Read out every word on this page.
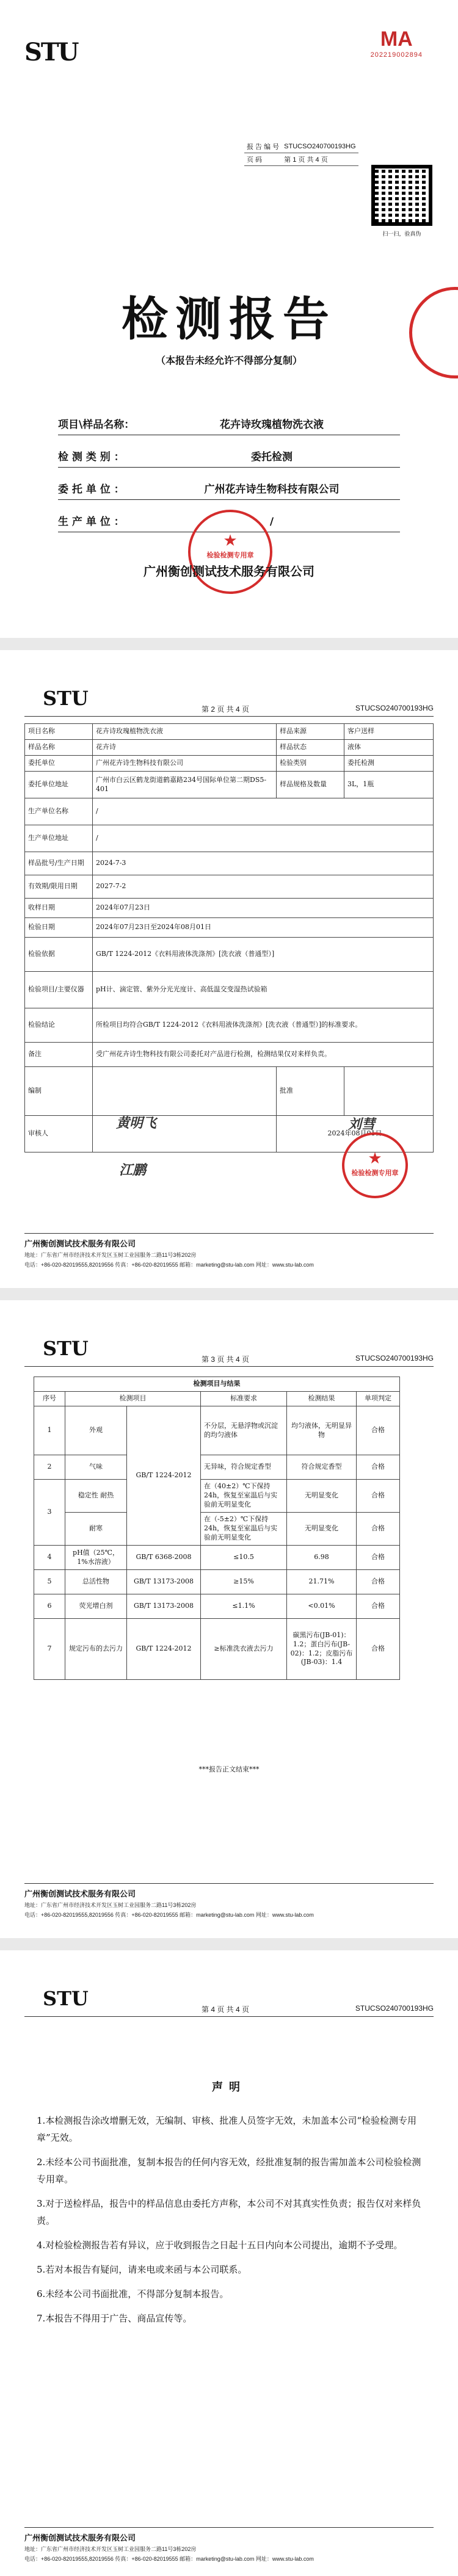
STU	MA
202219002894
报 告 编 号	STUCSO240700193HG
页 码	第 1 页 共 4 页
扫一扫，验真伪
检测报告
（本报告未经允许不得部分复制）
项目\样品名称：	花卉诗玫瑰植物洗衣液
检 测 类 别 ：	委托检测
委 托 单 位 ：	广州花卉诗生物科技有限公司
生 产 单 位 ：	/
★
检验检测专用章
广州衡创测试技术服务有限公司
STU	第 2 页 共 4 页	STUCSO240700193HG
项目名称	花卉诗玫瑰植物洗衣液	样品来源	客户送样
样品名称	花卉诗	样品状态	液体
委托单位	广州花卉诗生物科技有限公司	检验类别	委托检测
委托单位地址	广州市白云区鹤龙街道鹤嘉路234号国际单位第二期DS5-401	样品规格及数量	3L，1瓶
生产单位名称	/		
生产单位地址	/		
样品批号/生产日期	2024-7-3		
有效期/限用日期	2027-7-2		
收样日期	2024年07月23日		
检验日期	2024年07月23日至2024年08月01日		
检验依据	GB/T 1224-2012《衣料用液体洗涤剂》[洗衣液（普通型）]		
检验项目/主要仪器	pH计、滴定管、紫外分光光度计、高低温交变湿热试验箱		
检验结论	所检项目均符合GB/T 1224-2012《衣料用液体洗涤剂》[洗衣液（普通型）]的标准要求。		
备注	受广州花卉诗生物科技有限公司委托对产品进行检测，检测结果仅对来样负责。		
编制		批准	
审核人		2024年08月01日	
黄明飞
江鹏
刘彗
★
检验检测专用章
广州衡创测试技术服务有限公司
地址：广东省广州市经济技术开发区玉树工业园服务二路11号3栋202房
电话：+86-020-82019555,82019556 传真：+86-020-82019555 邮箱：marketing@stu-lab.com 网址：www.stu-lab.com
STU	第 3 页 共 4 页	STUCSO240700193HG
检测项目与结果					
序号	检测项目		标准要求	检测结果	单项判定
1	外观	GB/T 1224-2012	不分层，无悬浮物或沉淀的均匀液体	均匀液体，无明显异物	合格
2	气味		无异味，符合规定香型	符合规定香型	合格
3	稳定性 耐热		在（40±2）℃下保持24h，恢复至室温后与实验前无明显变化	无明显变化	合格
	耐寒		在（-5±2）℃下保持24h，恢复至室温后与实验前无明显变化	无明显变化	合格
4	pH值（25℃，1%水溶液）	GB/T 6368-2008	≤10.5	6.98	合格
5	总活性物	GB/T 13173-2008	≥15%	21.71%	合格
6	荧光增白剂	GB/T 13173-2008	≤1.1%	<0.01%	合格
7	规定污布的去污力	GB/T 1224-2012	≥标准洗衣液去污力	碳黑污布(JB-01)：1.2；蛋白污布(JB-02)：1.2；皮脂污布(JB-03)：1.4	合格
***报告正文结束***
广州衡创测试技术服务有限公司
地址：广东省广州市经济技术开发区玉树工业园服务二路11号3栋202房
电话：+86-020-82019555,82019556 传真：+86-020-82019555 邮箱：marketing@stu-lab.com 网址：www.stu-lab.com
STU	第 4 页 共 4 页	STUCSO240700193HG
声明

1.本检测报告涂改增删无效，无编制、审核、批准人员签字无效，未加盖本公司“检验检测专用章”无效。

2.未经本公司书面批准，复制本报告的任何内容无效，经批准复制的报告需加盖本公司检验检测专用章。

3.对于送检样品，报告中的样品信息由委托方声称，本公司不对其真实性负责；报告仅对来样负责。

4.对检验检测报告若有异议，应于收到报告之日起十五日内向本公司提出，逾期不予受理。

5.若对本报告有疑问，请来电或来函与本公司联系。

6.未经本公司书面批准，不得部分复制本报告。

7.本报告不得用于广告、商品宣传等。

广州衡创测试技术服务有限公司
地址：广东省广州市经济技术开发区玉树工业园服务二路11号3栋202房
电话：+86-020-82019555,82019556 传真：+86-020-82019555 邮箱：marketing@stu-lab.com 网址：www.stu-lab.com
